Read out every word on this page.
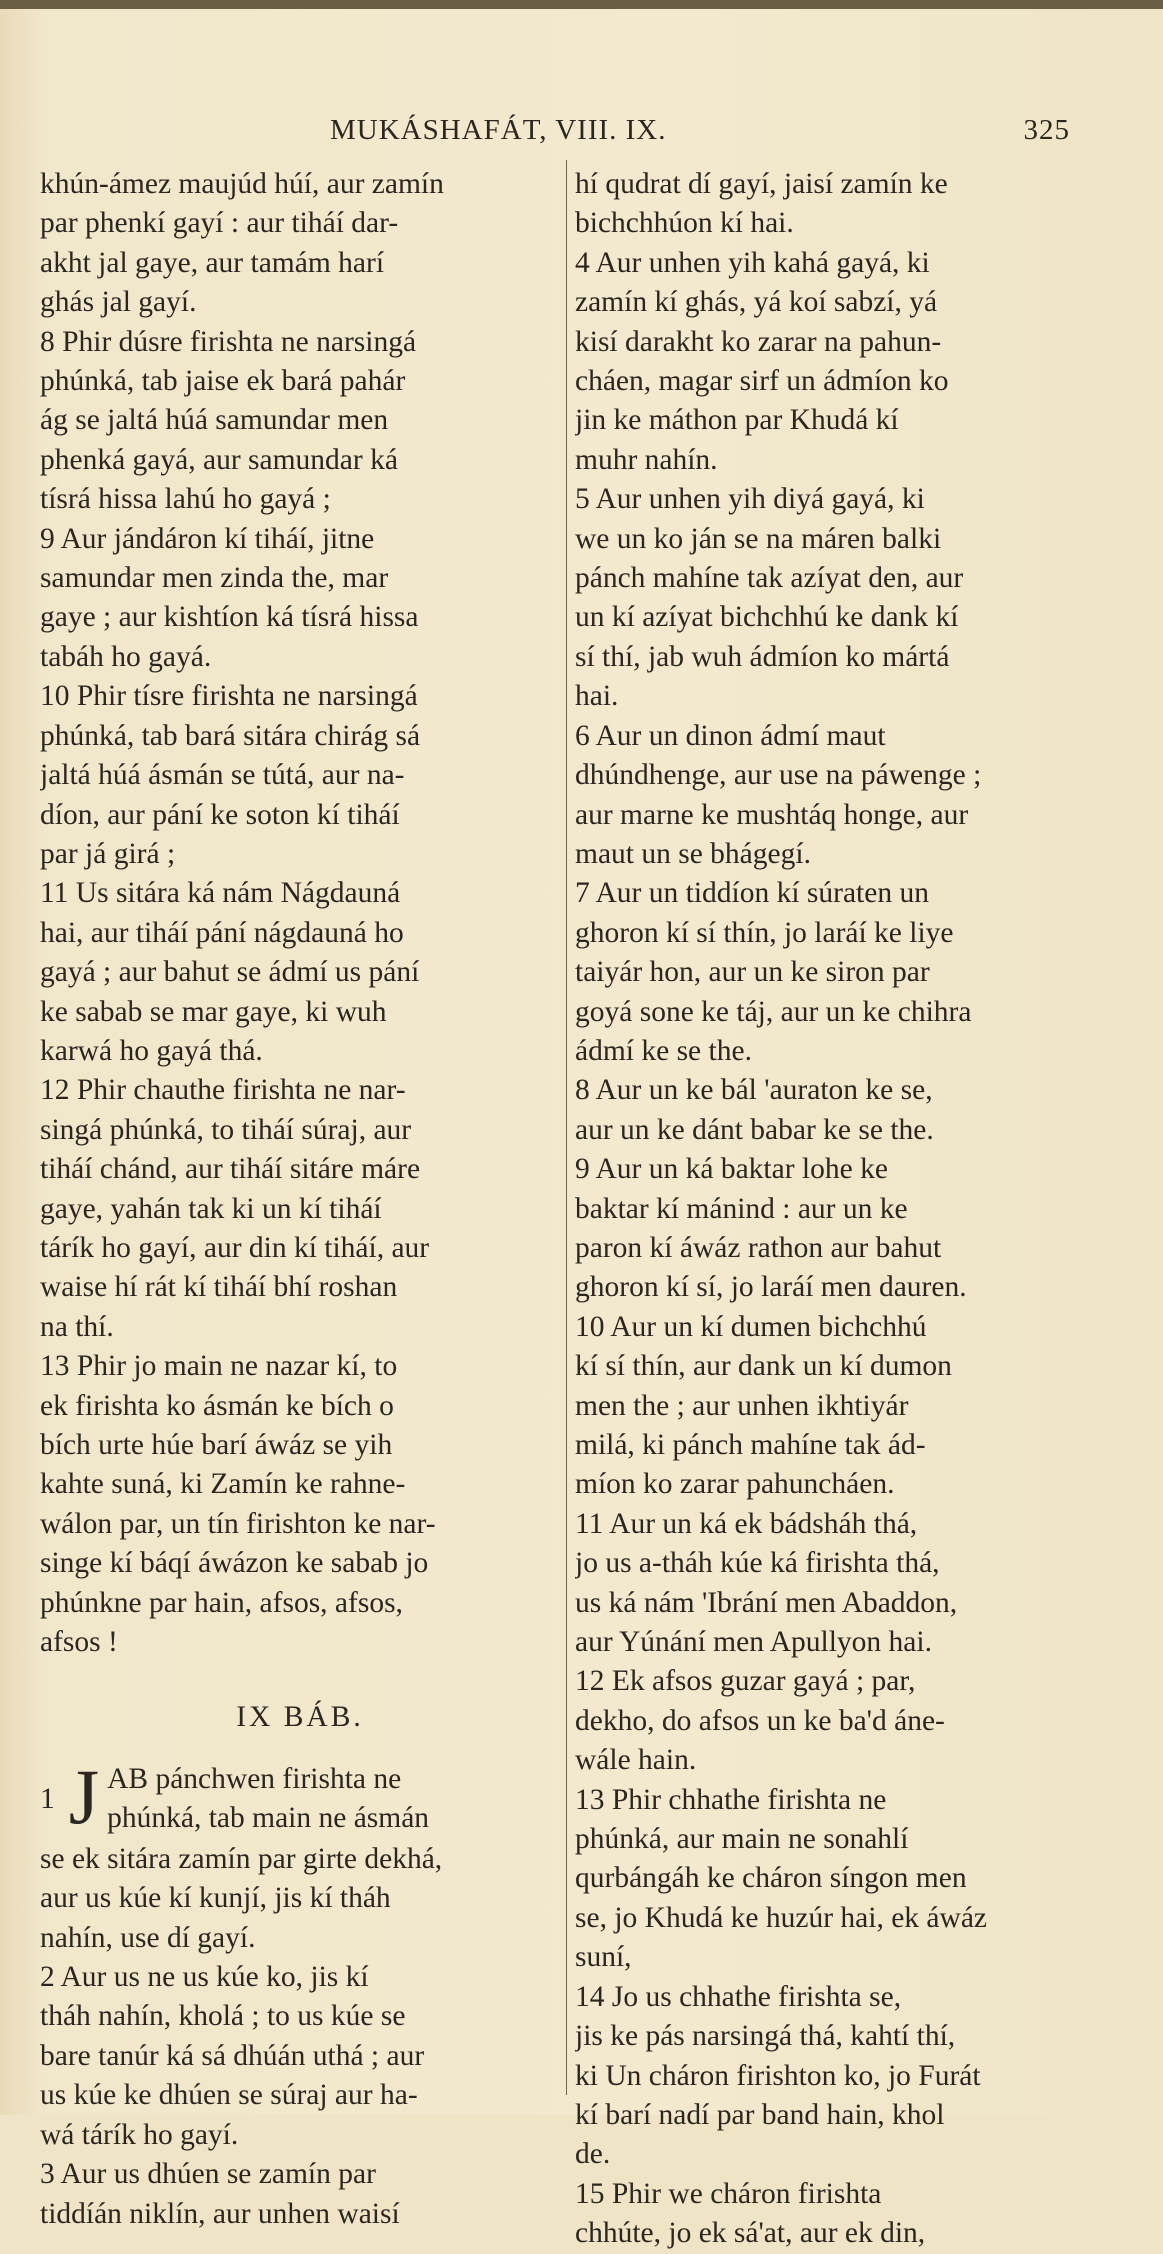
MUKÁSHAFÁT, VIII. IX.	325
khún-ámez maujúd húí, aur zamín
par phenkí gayí : aur tiháí dar-
akht jal gaye, aur tamám harí
ghás jal gayí.
8 Phir dúsre firishta ne narsingá
phúnká, tab jaise ek bará pahár
ág se jaltá húá samundar men
phenká gayá, aur samundar ká
tísrá hissa lahú ho gayá ;
9 Aur jándáron kí tiháí, jitne
samundar men zinda the, mar
gaye ; aur kishtíon ká tísrá hissa
tabáh ho gayá.
10 Phir tísre firishta ne narsingá
phúnká, tab bará sitára chirág sá
jaltá húá ásmán se tútá, aur na-
díon, aur pání ke soton kí tiháí
par já girá ;
11 Us sitára ká nám Nágdauná
hai, aur tiháí pání nágdauná ho
gayá ; aur bahut se ádmí us pání
ke sabab se mar gaye, ki wuh
karwá ho gayá thá.
12 Phir chauthe firishta ne nar-
singá phúnká, to tiháí súraj, aur
tiháí chánd, aur tiháí sitáre máre
gaye, yahán tak ki un kí tiháí
tárík ho gayí, aur din kí tiháí, aur
waise hí rát kí tiháí bhí roshan
na thí.
13 Phir jo main ne nazar kí, to
ek firishta ko ásmán ke bích o
bích urte húe barí áwáz se yih
kahte suná, ki Zamín ke rahne-
wálon par, un tín firishton ke nar-
singe kí báqí áwázon ke sabab jo
phúnkne par hain, afsos, afsos,
afsos !
IX BÁB.
1 J AB pánchwen firishta ne
phúnká, tab main ne ásmán
se ek sitára zamín par girte dekhá,
aur us kúe kí kunjí, jis kí tháh
nahín, use dí gayí.
2 Aur us ne us kúe ko, jis kí
tháh nahín, kholá ; to us kúe se
bare tanúr ká sá dhúán uthá ; aur
us kúe ke dhúen se súraj aur ha-
wá tárík ho gayí.
3 Aur us dhúen se zamín par
tiddíán niklín, aur unhen waisí
hí qudrat dí gayí, jaisí zamín ke
bichchhúon kí hai.
4 Aur unhen yih kahá gayá, ki
zamín kí ghás, yá koí sabzí, yá
kisí darakht ko zarar na pahun-
cháen, magar sirf un ádmíon ko
jin ke máthon par Khudá kí
muhr nahín.
5 Aur unhen yih diyá gayá, ki
we un ko ján se na máren balki
pánch mahíne tak azíyat den, aur
un kí azíyat bichchhú ke dank kí
sí thí, jab wuh ádmíon ko mártá
hai.
6 Aur un dinon ádmí maut
dhúndhenge, aur use na páwenge ;
aur marne ke mushtáq honge, aur
maut un se bhágegí.
7 Aur un tiddíon kí súraten un
ghoron kí sí thín, jo laráí ke liye
taiyár hon, aur un ke siron par
goyá sone ke táj, aur un ke chihra
ádmí ke se the.
8 Aur un ke bál 'auraton ke se,
aur un ke dánt babar ke se the.
9 Aur un ká baktar lohe ke
baktar kí mánind : aur un ke
paron kí áwáz rathon aur bahut
ghoron kí sí, jo laráí men dauren.
10 Aur un kí dumen bichchhú
kí sí thín, aur dank un kí dumon
men the ; aur unhen ikhtiyár
milá, ki pánch mahíne tak ád-
míon ko zarar pahuncháen.
11 Aur un ká ek bádsháh thá,
jo us a-tháh kúe ká firishta thá,
us ká nám 'Ibrání men Abaddon,
aur Yúnání men Apullyon hai.
12 Ek afsos guzar gayá ; par,
dekho, do afsos un ke ba'd áne-
wále hain.
13 Phir chhathe firishta ne
phúnká, aur main ne sonahlí
qurbángáh ke cháron síngon men
se, jo Khudá ke huzúr hai, ek áwáz
suní,
14 Jo us chhathe firishta se,
jis ke pás narsingá thá, kahtí thí,
ki Un cháron firishton ko, jo Furát
kí barí nadí par band hain, khol
de.
15 Phir we cháron firishta
chhúte, jo ek sá'at, aur ek din,
